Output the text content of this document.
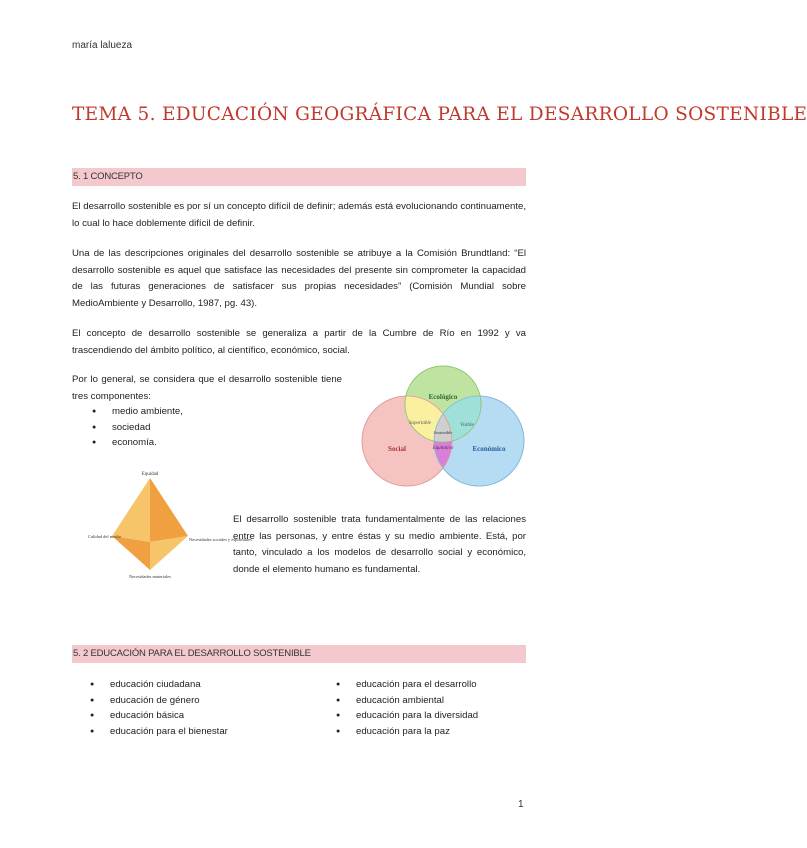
maría lalueza
TEMA 5. EDUCACIÓN GEOGRÁFICA PARA EL DESARROLLO SOSTENIBLE
5. 1 CONCEPTO
El desarrollo sostenible es por sí un concepto difícil de definir; además está evolucionando continuamente, lo cual lo hace doblemente difícil de definir.
Una de las descripciones originales del desarrollo sostenible se atribuye a la Comisión Brundtland: “El desarrollo sostenible es aquel que satisface las necesidades del presente sin comprometer la capacidad de las futuras generaciones de satisfacer sus propias necesidades” (Comisión Mundial sobre MedioAmbiente y Desarrollo, 1987, pg. 43).
El concepto de desarrollo sostenible se generaliza a partir de la Cumbre de Río en 1992 y va trascendiendo del ámbito político, al científico, económico, social.
Por lo general, se considera que el desarrollo sostenible tiene tres componentes:
● medio ambiente,
● sociedad
● economía.
Ecológico
Social	Económico
Soportable	Viable
Equitativo
Sostenible
Equidad
Calidad del medio
Necesidades sociales y espirituales
Necesidades materiales
El desarrollo sostenible trata fundamentalmente de las relaciones entre las personas, y entre éstas y su medio ambiente. Está, por tanto, vinculado a los modelos de desarrollo social y económico, donde el elemento humano es fundamental.
5. 2 EDUCACIÓN PARA EL DESARROLLO SOSTENIBLE
● educación ciudadana
● educación de género
● educación básica
● educación para el bienestar
● educación para el desarrollo
● educación ambiental
● educación para la diversidad
● educación para la paz
1
